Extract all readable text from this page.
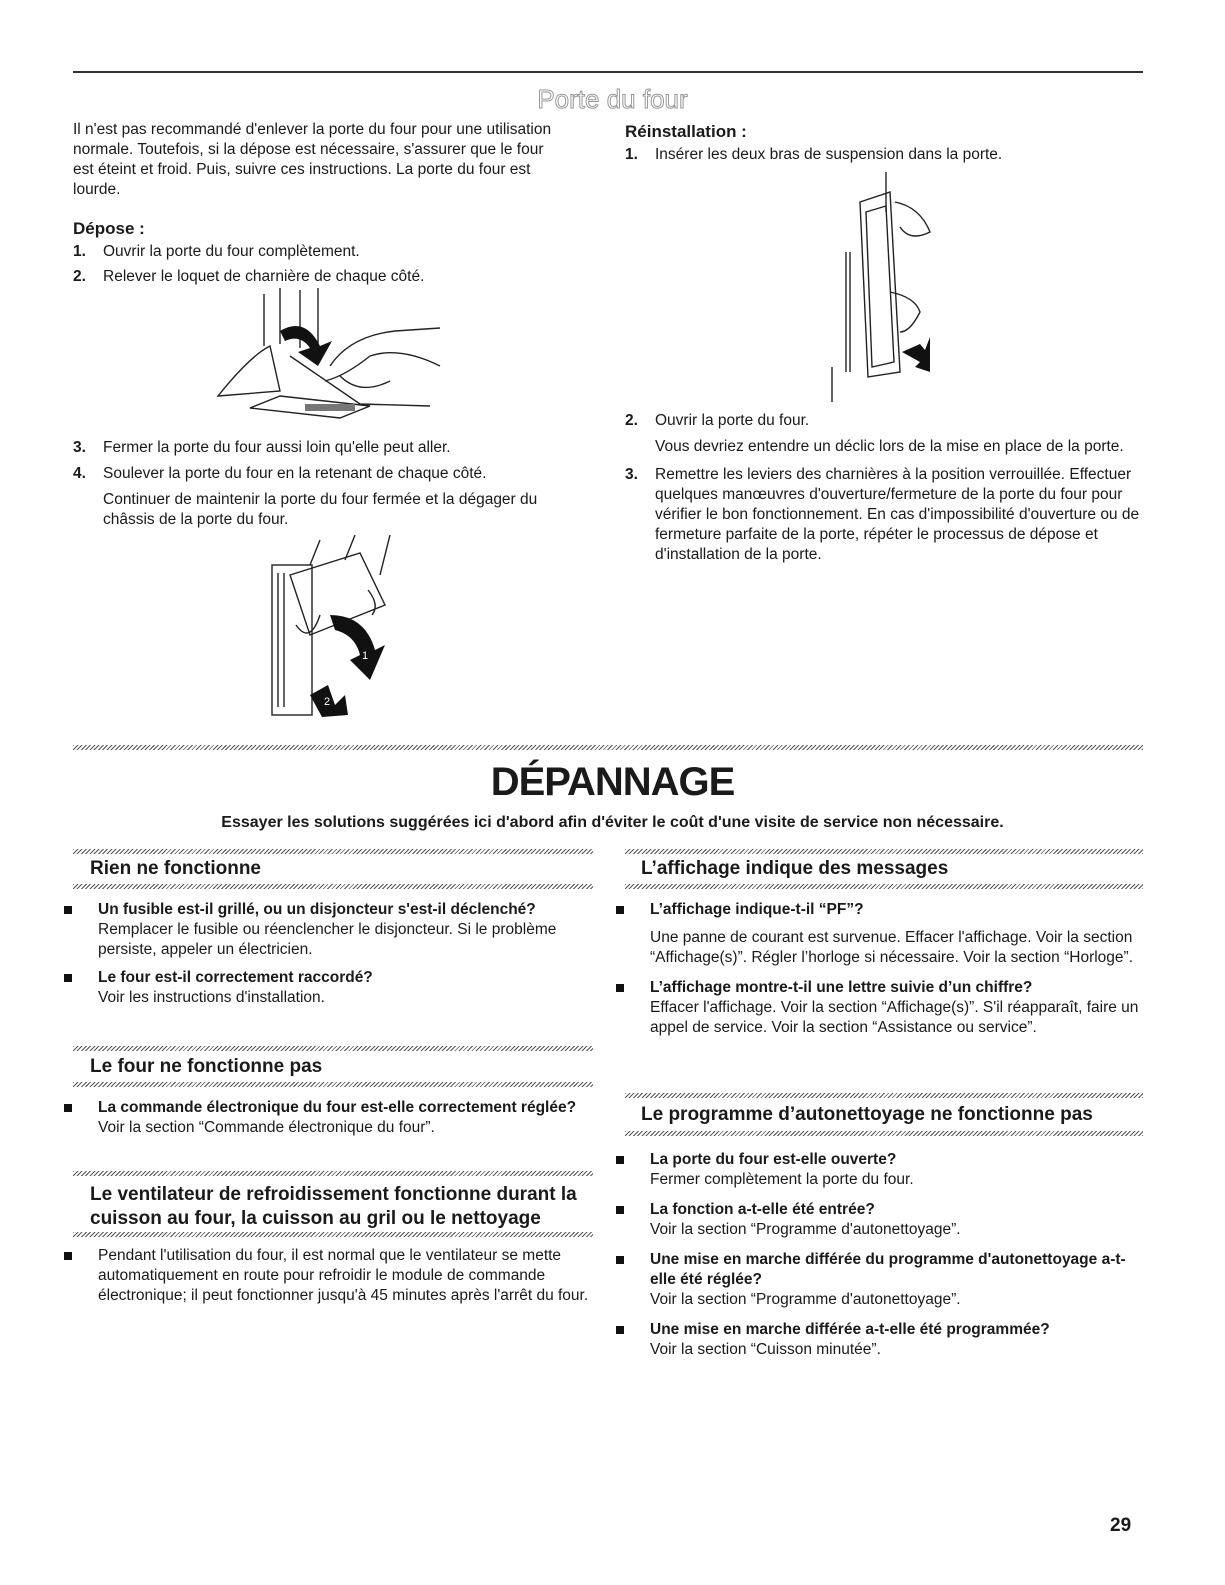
Porte du four

Il n'est pas recommandé d'enlever la porte du four pour une utilisation normale. Toutefois, si la dépose est nécessaire, s'assurer que le four est éteint et froid. Puis, suivre ces instructions. La porte du four est lourde.

Dépose :

1. Ouvrir la porte du four complètement.
2. Relever le loquet de charnière de chaque côté.
3. Fermer la porte du four aussi loin qu'elle peut aller.
4. Soulever la porte du four en la retenant de chaque côté.
Continuer de maintenir la porte du four fermée et la dégager du châssis de la porte du four.
1
2

Réinstallation :

1. Insérer les deux bras de suspension dans la porte.
2. Ouvrir la porte du four.
Vous devriez entendre un déclic lors de la mise en place de la porte.
3. Remettre les leviers des charnières à la position verrouillée. Effectuer quelques manœuvres d'ouverture/fermeture de la porte du four pour vérifier le bon fonctionnement. En cas d'impossibilité d'ouverture ou de fermeture parfaite de la porte, répéter le processus de dépose et d'installation de la porte.
DÉPANNAGE
Essayer les solutions suggérées ici d'abord afin d'éviter le coût d'une visite de service non nécessaire.

Rien ne fonctionne

Un fusible est-il grillé, ou un disjoncteur s'est-il déclenché?
Remplacer le fusible ou réenclencher le disjoncteur. Si le problème persiste, appeler un électricien.
Le four est-il correctement raccordé?
Voir les instructions d'installation.

Le four ne fonctionne pas

La commande électronique du four est-elle correctement réglée?
Voir la section “Commande électronique du four”.

Le ventilateur de refroidissement fonctionne durant la
cuisson au four, la cuisson au gril ou le nettoyage

Pendant l'utilisation du four, il est normal que le ventilateur se mette automatiquement en route pour refroidir le module de commande électronique; il peut fonctionner jusqu'à 45 minutes après l'arrêt du four.

L’affichage indique des messages

L’affichage indique-t-il “PF”?
Une panne de courant est survenue. Effacer l'affichage. Voir la section “Affichage(s)”. Régler l’horloge si nécessaire. Voir la section “Horloge”.
L’affichage montre-t-il une lettre suivie d’un chiffre?
Effacer l'affichage. Voir la section “Affichage(s)”. S'il réapparaît, faire un appel de service. Voir la section “Assistance ou service”.

Le programme d’autonettoyage ne fonctionne pas

La porte du four est-elle ouverte?
Fermer complètement la porte du four.
La fonction a-t-elle été entrée?
Voir la section “Programme d'autonettoyage”.
Une mise en marche différée du programme d'autonettoyage a-t-elle été réglée?
Voir la section “Programme d'autonettoyage”.
Une mise en marche différée a-t-elle été programmée?
Voir la section “Cuisson minutée”.
29
